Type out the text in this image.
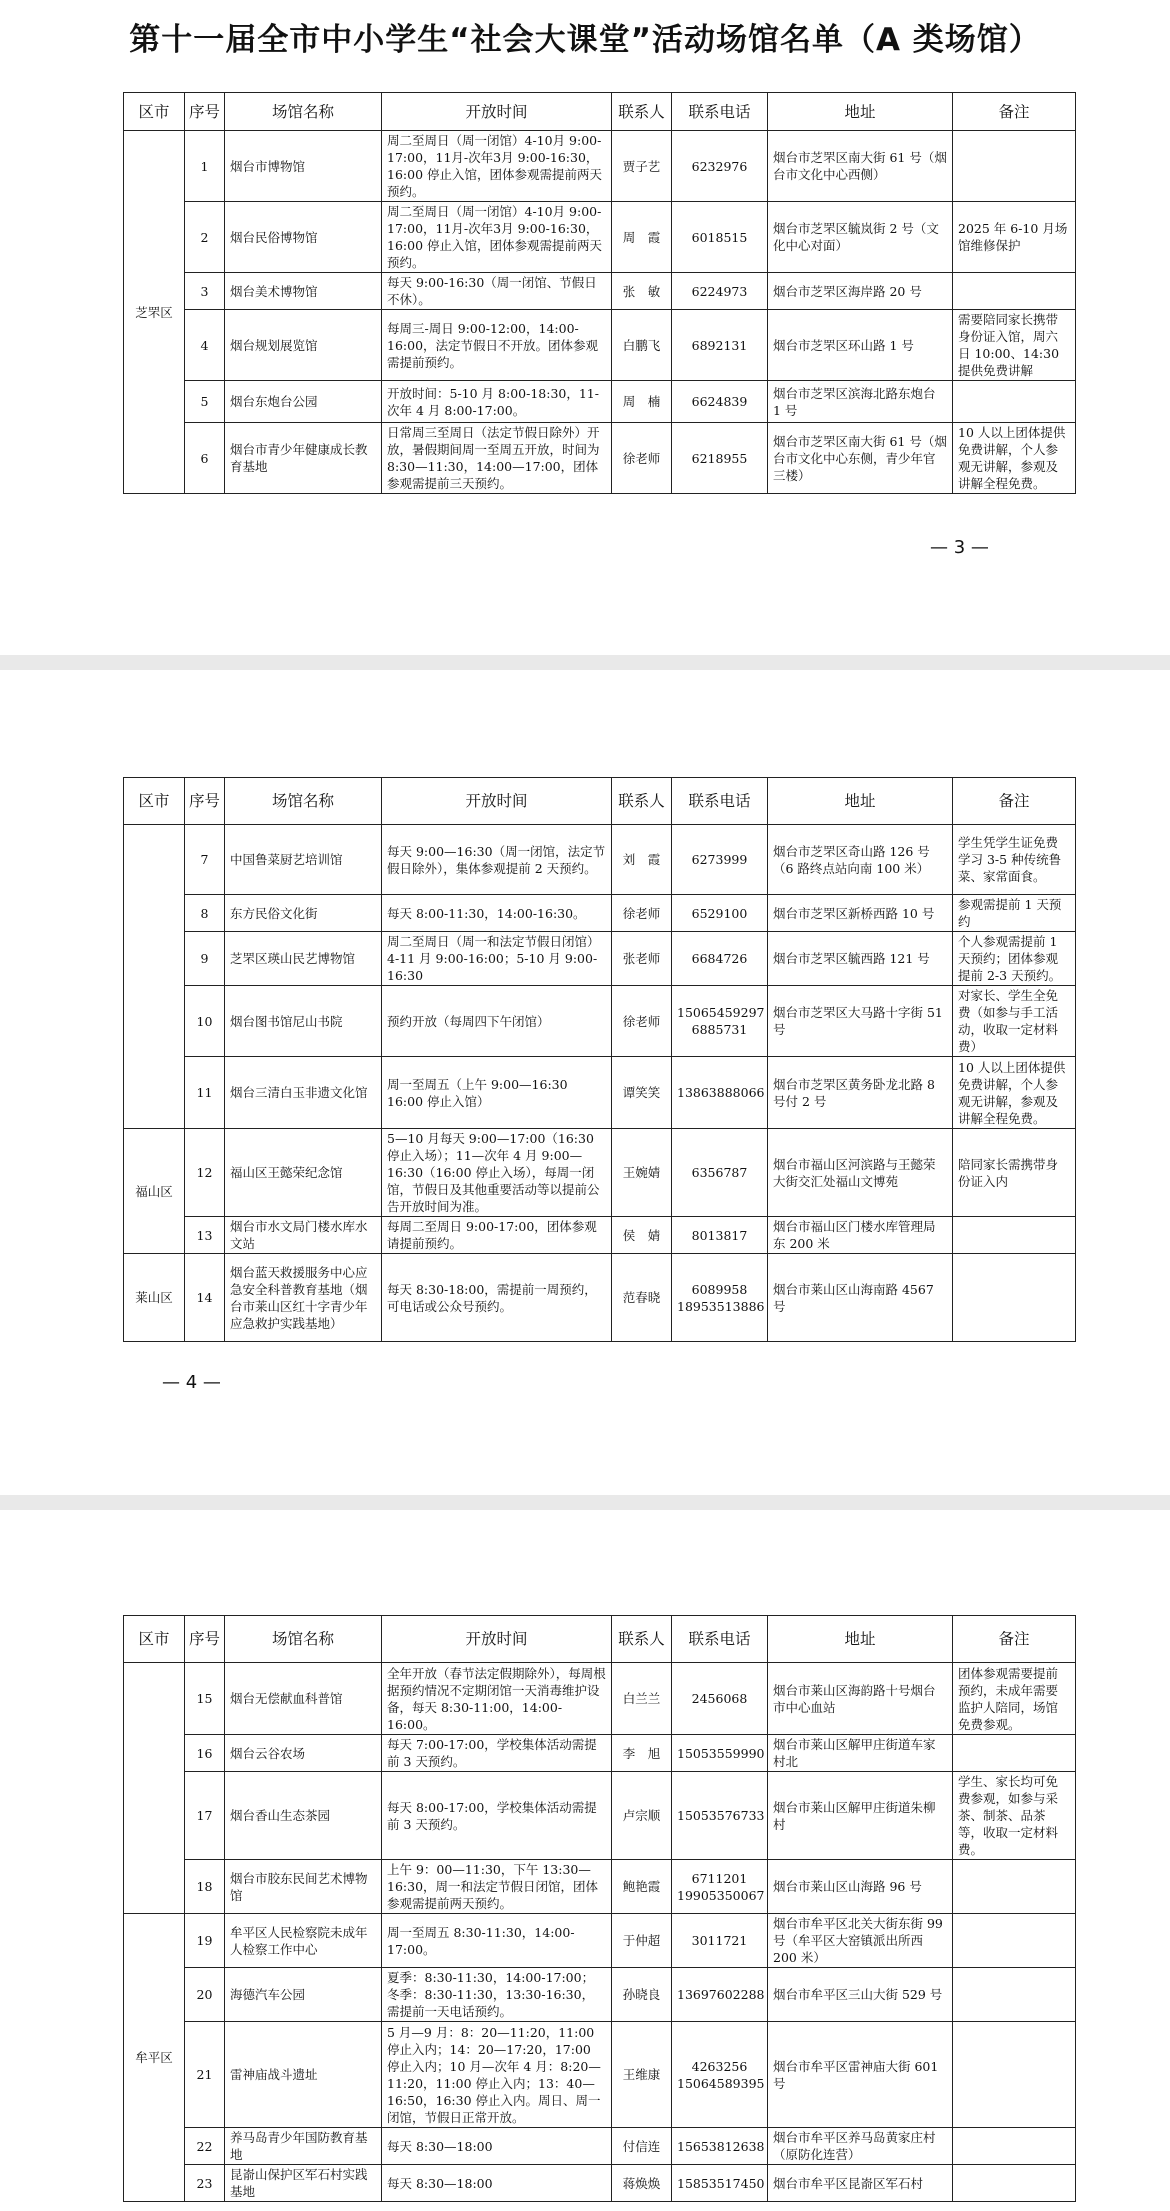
第十一届全市中小学生“社会大课堂”活动场馆名单（A 类场馆）
区市	序号	场馆名称	开放时间	联系人	联系电话	地址	备注
芝罘区	1	烟台市博物馆	周二至周日（周一闭馆）4-10月 9:00-17:00，11月-次年3月 9:00-16:30，16:00 停止入馆，团体参观需提前两天预约。	贾子艺	6232976	烟台市芝罘区南大街 61 号（烟台市文化中心西侧）	
	2	烟台民俗博物馆	周二至周日（周一闭馆）4-10月 9:00-17:00，11月-次年3月 9:00-16:30，16:00 停止入馆，团体参观需提前两天预约。	周　霞	6018515	烟台市芝罘区毓岚街 2 号（文化中心对面）	2025 年 6-10 月场馆维修保护
	3	烟台美术博物馆	每天 9:00-16:30（周一闭馆、节假日不休）。	张　敏	6224973	烟台市芝罘区海岸路 20 号	
	4	烟台规划展览馆	每周三-周日 9:00-12:00，14:00-16:00，法定节假日不开放。团体参观需提前预约。	白鹏飞	6892131	烟台市芝罘区环山路 1 号	需要陪同家长携带身份证入馆，周六日 10:00、14:30 提供免费讲解
	5	烟台东炮台公园	开放时间：5-10 月 8:00-18:30，11-次年 4 月 8:00-17:00。	周　楠	6624839	烟台市芝罘区滨海北路东炮台 1 号	
	6	烟台市青少年健康成长教育基地	日常周三至周日（法定节假日除外）开放，暑假期间周一至周五开放，时间为 8:30—11:30，14:00—17:00，团体参观需提前三天预约。	徐老师	6218955	烟台市芝罘区南大街 61 号（烟台市文化中心东侧，青少年官三楼）	10 人以上团体提供免费讲解，个人参观无讲解，参观及讲解全程免费。
— 3 —
区市	序号	场馆名称	开放时间	联系人	联系电话	地址	备注
	7	中国鲁菜厨艺培训馆	每天 9:00—16:30（周一闭馆，法定节假日除外），集体参观提前 2 天预约。	刘　霞	6273999	烟台市芝罘区奇山路 126 号（6 路终点站向南 100 米）	学生凭学生证免费学习 3-5 种传统鲁菜、家常面食。
	8	东方民俗文化街	每天 8:00-11:30，14:00-16:30。	徐老师	6529100	烟台市芝罘区新桥西路 10 号	参观需提前 1 天预约
	9	芝罘区瑛山民艺博物馆	周二至周日（周一和法定节假日闭馆）4-11 月 9:00-16:00；5-10 月 9:00-16:30	张老师	6684726	烟台市芝罘区毓西路 121 号	个人参观需提前 1 天预约；团体参观提前 2-3 天预约。
	10	烟台图书馆尼山书院	预约开放（每周四下午闭馆）	徐老师	15065459297 6885731	烟台市芝罘区大马路十字街 51 号	对家长、学生全免费（如参与手工活动，收取一定材料费）
	11	烟台三清白玉非遗文化馆	周一至周五（上午 9:00—16:30　16:00 停止入馆）	谭笑笑	13863888066	烟台市芝罘区黄务卧龙北路 8 号付 2 号	10 人以上团体提供免费讲解，个人参观无讲解，参观及讲解全程免费。
福山区	12	福山区王懿荣纪念馆	5—10 月每天 9:00—17:00（16:30 停止入场）；11—次年 4 月 9:00—16:30（16:00 停止入场），每周一闭馆，节假日及其他重要活动等以提前公告开放时间为准。	王婉婧	6356787	烟台市福山区河滨路与王懿荣大街交汇处福山文博苑	陪同家长需携带身份证入内
	13	烟台市水文局门楼水库水文站	每周二至周日 9:00-17:00，团体参观请提前预约。	侯　婧	8013817	烟台市福山区门楼水库管理局东 200 米	
莱山区	14	烟台蓝天救援服务中心应急安全科普教育基地（烟台市莱山区红十字青少年应急救护实践基地）	每天 8:30-18:00，需提前一周预约，可电话或公众号预约。	范春晓	6089958 18953513886	烟台市莱山区山海南路 4567 号	
— 4 —
区市	序号	场馆名称	开放时间	联系人	联系电话	地址	备注
	15	烟台无偿献血科普馆	全年开放（春节法定假期除外），每周根据预约情况不定期闭馆一天消毒维护设备，每天 8:30-11:00，14:00-16:00。	白兰兰	2456068	烟台市莱山区海韵路十号烟台市中心血站	团体参观需要提前预约，未成年需要监护人陪同，场馆免费参观。
	16	烟台云谷农场	每天 7:00-17:00，学校集体活动需提前 3 天预约。	李　旭	15053559990	烟台市莱山区解甲庄街道车家村北	
	17	烟台香山生态茶园	每天 8:00-17:00，学校集体活动需提前 3 天预约。	卢宗顺	15053576733	烟台市莱山区解甲庄街道朱柳村	学生、家长均可免费参观，如参与采茶、制茶、品茶等，收取一定材料费。
	18	烟台市胶东民间艺术博物馆	上午 9：00—11:30，下午 13:30—16:30，周一和法定节假日闭馆，团体参观需提前两天预约。	鲍艳霞	6711201 19905350067	烟台市莱山区山海路 96 号	
牟平区	19	牟平区人民检察院未成年人检察工作中心	周一至周五 8:30-11:30，14:00-17:00。	于仲超	3011721	烟台市牟平区北关大街东街 99 号（牟平区大窑镇派出所西 200 米）	
	20	海德汽车公园	夏季：8:30-11:30，14:00-17:00；冬季：8:30-11:30，13:30-16:30，需提前一天电话预约。	孙晓良	13697602288	烟台市牟平区三山大街 529 号	
	21	雷神庙战斗遗址	5 月—9 月：8：20—11:20，11:00 停止入内；14：20—17:20，17:00 停止入内；10 月—次年 4 月：8:20—11:20，11:00 停止入内；13：40—16:50，16:30 停止入内。周日、周一闭馆，节假日正常开放。	王维康	4263256 15064589395	烟台市牟平区雷神庙大街 601 号	
	22	养马岛青少年国防教育基地	每天 8:30—18:00	付信连	15653812638	烟台市牟平区养马岛黄家庄村（原防化连营）	
	23	昆嵛山保护区军石村实践基地	每天 8:30—18:00	蒋焕焕	15853517450	烟台市牟平区昆嵛区军石村	
